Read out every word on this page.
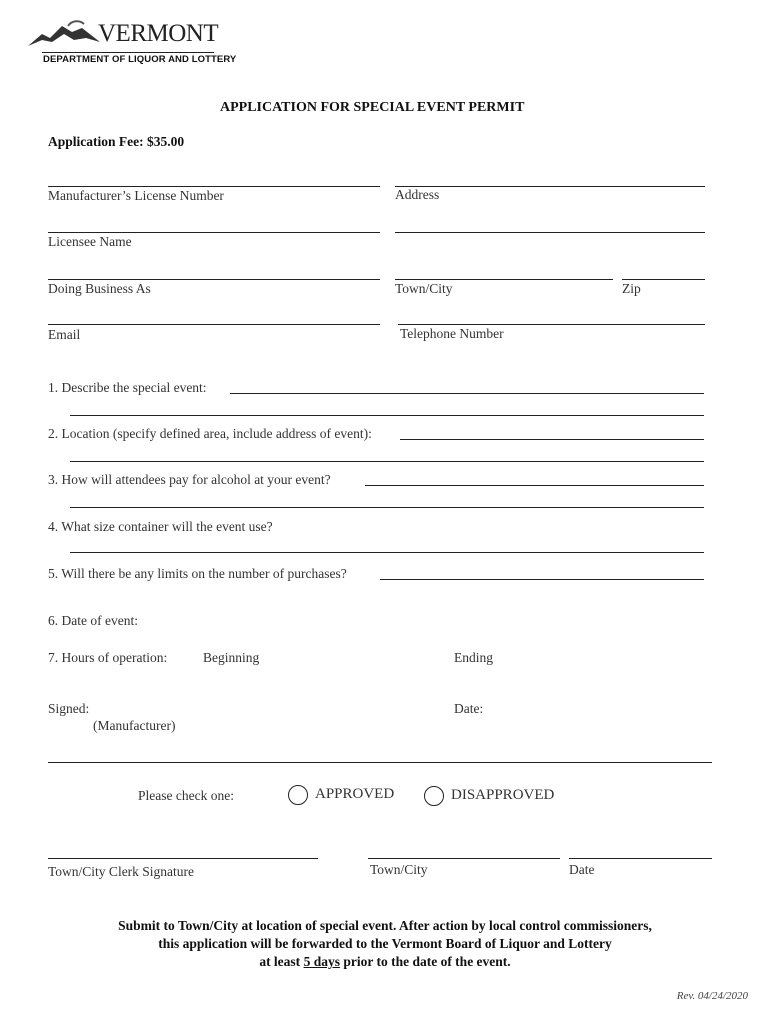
VERMONT
DEPARTMENT OF LIQUOR AND LOTTERY
APPLICATION FOR SPECIAL EVENT PERMIT
Application Fee: $35.00
Manufacturer’s License Number	Address
Licensee Name
Doing Business As	Town/City	Zip
Email	Telephone Number
1. Describe the special event:
2. Location (specify defined area, include address of event):
3. How will attendees pay for alcohol at your event?
4. What size container will the event use?
5. Will there be any limits on the number of purchases?
6. Date of event:
7. Hours of operation:	Beginning	Ending
Signed:
(Manufacturer)
Date:
Please check one:	APPROVED	DISAPPROVED
Town/City Clerk Signature	Town/City	Date
Submit to Town/City at location of special event. After action by local control commissioners,
this application will be forwarded to the Vermont Board of Liquor and Lottery
at least 5 days prior to the date of the event.
Rev. 04/24/2020
